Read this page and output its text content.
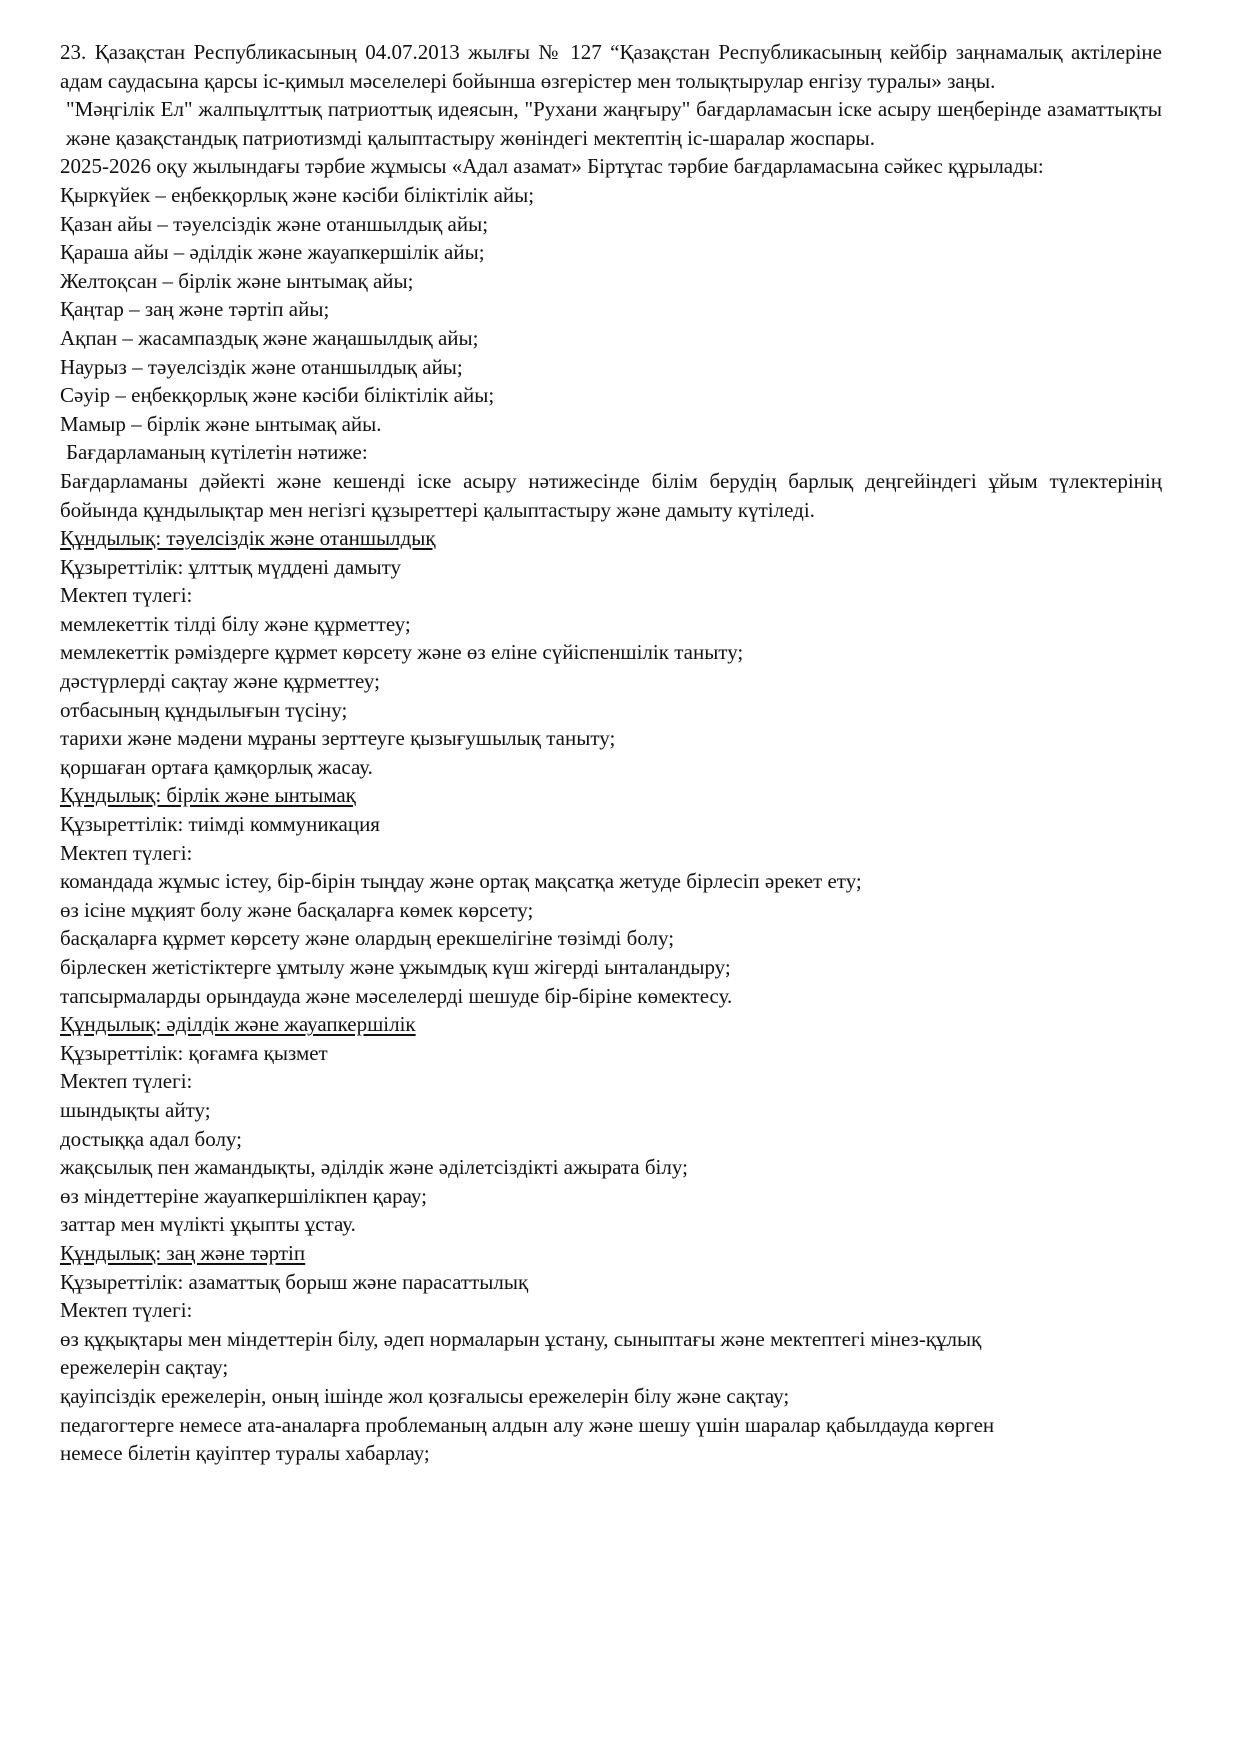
23. Қазақстан Республикасының 04.07.2013 жылғы № 127 “Қазақстан Республикасының кейбір заңнамалық актілеріне адам саудасына қарсы іс-қимыл мәселелері бойынша өзгерістер мен толықтырулар енгізу туралы» заңы.

"Мәңгілік Ел" жалпыұлттық патриоттық идеясын, "Рухани жаңғыру" бағдарламасын іске асыру шеңберінде азаматтықты және қазақстандық патриотизмді қалыптастыру жөніндегі мектептің іс-шаралар жоспары.

2025-2026 оқу жылындағы тәрбие жұмысы «Адал азамат» Біртұтас тәрбие бағдарламасына сәйкес құрылады:

Қыркүйек – еңбекқорлық және кәсіби біліктілік айы;

Қазан айы – тәуелсіздік және отаншылдық айы;

Қараша айы – әділдік және жауапкершілік айы;

Желтоқсан – бірлік және ынтымақ айы;

Қаңтар – заң және тәртіп айы;

Ақпан – жасампаздық және жаңашылдық айы;

Наурыз – тәуелсіздік және отаншылдық айы;

Сәуір – еңбекқорлық және кәсіби біліктілік айы;

Мамыр – бірлік және ынтымақ айы.

Бағдарламаның күтілетін нәтиже:

Бағдарламаны дәйекті және кешенді іске асыру нәтижесінде білім берудің барлық деңгейіндегі ұйым түлектерінің бойында құндылықтар мен негізгі құзыреттері қалыптастыру және дамыту күтіледі.

Құндылық: тәуелсіздік және отаншылдық

Құзыреттілік: ұлттық мүддені дамыту

Мектеп түлегі:

мемлекеттік тілді білу және құрметтеу;

мемлекеттік рәміздерге құрмет көрсету және өз еліне сүйіспеншілік таныту;

дәстүрлерді сақтау және құрметтеу;

отбасының құндылығын түсіну;

тарихи және мәдени мұраны зерттеуге қызығушылық таныту;

қоршаған ортаға қамқорлық жасау.

Құндылық: бірлік және ынтымақ

Құзыреттілік: тиімді коммуникация

Мектеп түлегі:

командада жұмыс істеу, бір-бірін тыңдау және ортақ мақсатқа жетуде бірлесіп әрекет ету;

өз ісіне мұқият болу және басқаларға көмек көрсету;

басқаларға құрмет көрсету және олардың ерекшелігіне төзімді болу;

бірлескен жетістіктерге ұмтылу және ұжымдық күш жігерді ынталандыру;

тапсырмаларды орындауда және мәселелерді шешуде бір-біріне көмектесу.

Құндылық: әділдік және жауапкершілік

Құзыреттілік: қоғамға қызмет

Мектеп түлегі:

шындықты айту;

достыққа адал болу;

жақсылық пен жамандықты, әділдік және әділетсіздікті ажырата білу;

өз міндеттеріне жауапкершілікпен қарау;

заттар мен мүлікті ұқыпты ұстау.

Құндылық: заң және тәртіп

Құзыреттілік: азаматтық борыш және парасаттылық

Мектеп түлегі:

өз құқықтары мен міндеттерін білу, әдеп нормаларын ұстану, сыныптағы және мектептегі мінез-құлық

ережелерін сақтау;

қауіпсіздік ережелерін, оның ішінде жол қозғалысы ережелерін білу және сақтау;

педагогтерге немесе ата-аналарға проблеманың алдын алу және шешу үшін шаралар қабылдауда көрген

немесе білетін қауіптер туралы хабарлау;
